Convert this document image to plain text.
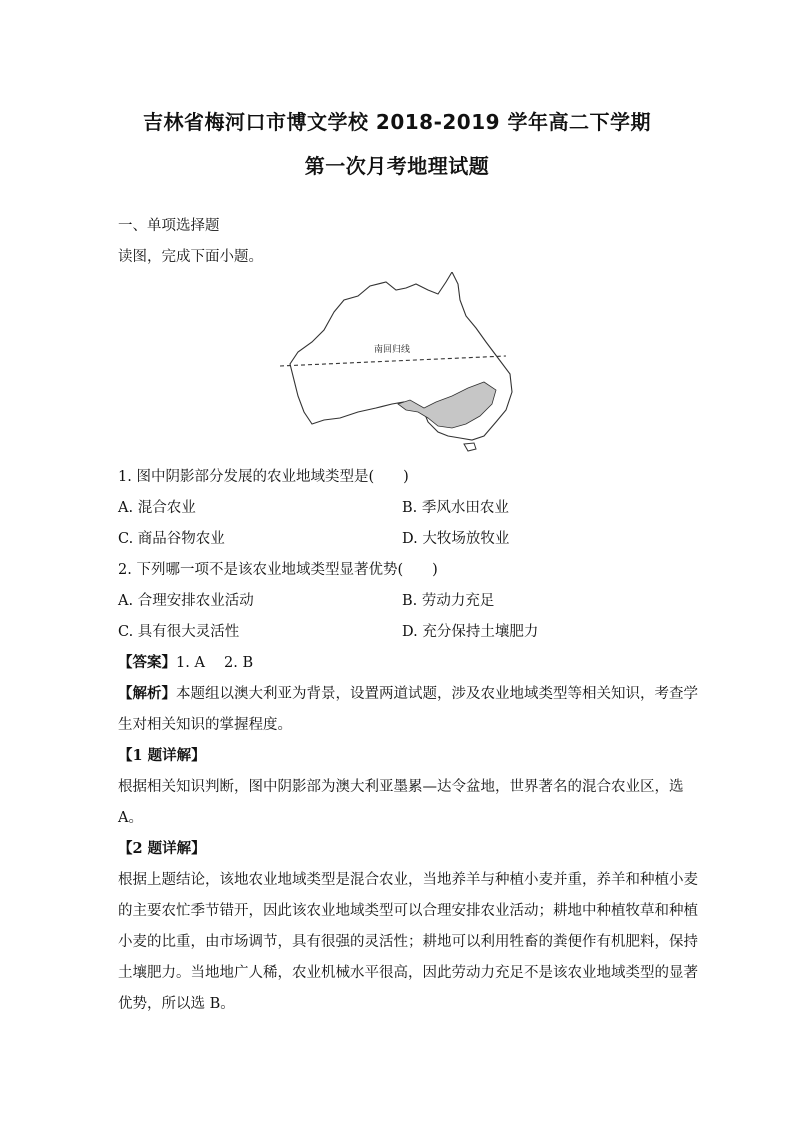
吉林省梅河口市博文学校 2018-2019 学年高二下学期
第一次月考地理试题
一、单项选择题
读图，完成下面小题。
南回归线
1. 图中阴影部分发展的农业地域类型是(　　)
A. 混合农业	B. 季风水田农业
C. 商品谷物农业	D. 大牧场放牧业
2. 下列哪一项不是该农业地域类型显著优势(　　)
A. 合理安排农业活动	B. 劳动力充足
C. 具有很大灵活性	D. 充分保持土壤肥力
【答案】1. A　 2. B
【解析】本题组以澳大利亚为背景，设置两道试题，涉及农业地域类型等相关知识，考查学
生对相关知识的掌握程度。
【1 题详解】
根据相关知识判断，图中阴影部为澳大利亚墨累—达令盆地，世界著名的混合农业区，选
A。
【2 题详解】
根据上题结论，该地农业地域类型是混合农业，当地养羊与种植小麦并重，养羊和种植小麦
的主要农忙季节错开，因此该农业地域类型可以合理安排农业活动；耕地中种植牧草和种植
小麦的比重，由市场调节，具有很强的灵活性；耕地可以利用牲畜的粪便作有机肥料，保持
土壤肥力。当地地广人稀，农业机械水平很高，因此劳动力充足不是该农业地域类型的显著
优势，所以选 B。
